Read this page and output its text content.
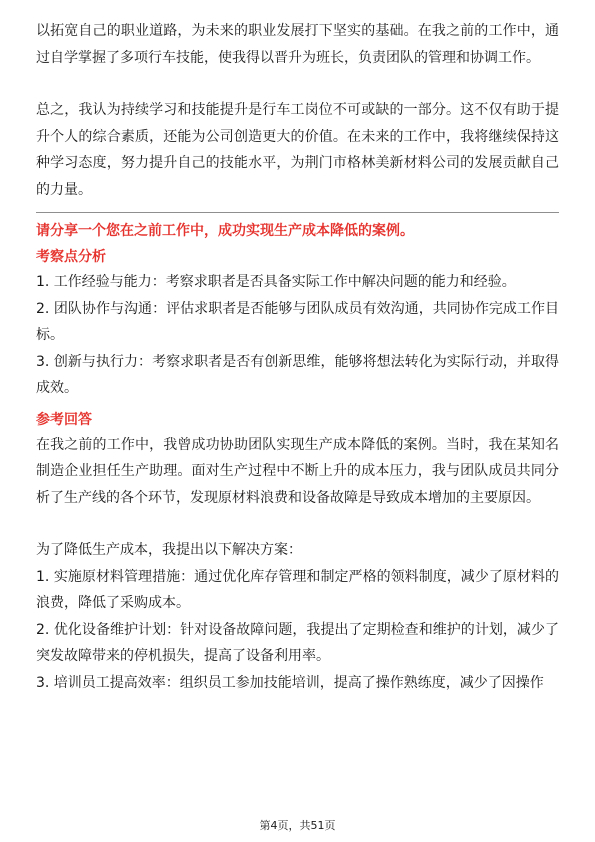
以拓宽自己的职业道路，为未来的职业发展打下坚实的基础。在我之前的工作中，通过自学掌握了多项行车技能，使我得以晋升为班长，负责团队的管理和协调工作。

总之，我认为持续学习和技能提升是行车工岗位不可或缺的一部分。这不仅有助于提升个人的综合素质，还能为公司创造更大的价值。在未来的工作中，我将继续保持这种学习态度，努力提升自己的技能水平，为荆门市格林美新材料公司的发展贡献自己的力量。

请分享一个您在之前工作中，成功实现生产成本降低的案例。

考察点分析

1. 工作经验与能力：考察求职者是否具备实际工作中解决问题的能力和经验。

2. 团队协作与沟通：评估求职者是否能够与团队成员有效沟通，共同协作完成工作目标。

3. 创新与执行力：考察求职者是否有创新思维，能够将想法转化为实际行动，并取得成效。

参考回答

在我之前的工作中，我曾成功协助团队实现生产成本降低的案例。当时，我在某知名制造企业担任生产助理。面对生产过程中不断上升的成本压力，我与团队成员共同分析了生产线的各个环节，发现原材料浪费和设备故障是导致成本增加的主要原因。

为了降低生产成本，我提出以下解决方案：

1. 实施原材料管理措施：通过优化库存管理和制定严格的领料制度，减少了原材料的浪费，降低了采购成本。

2. 优化设备维护计划：针对设备故障问题，我提出了定期检查和维护的计划，减少了突发故障带来的停机损失，提高了设备利用率。

3. 培训员工提高效率：组织员工参加技能培训，提高了操作熟练度，减少了因操作

第4页，共51页
